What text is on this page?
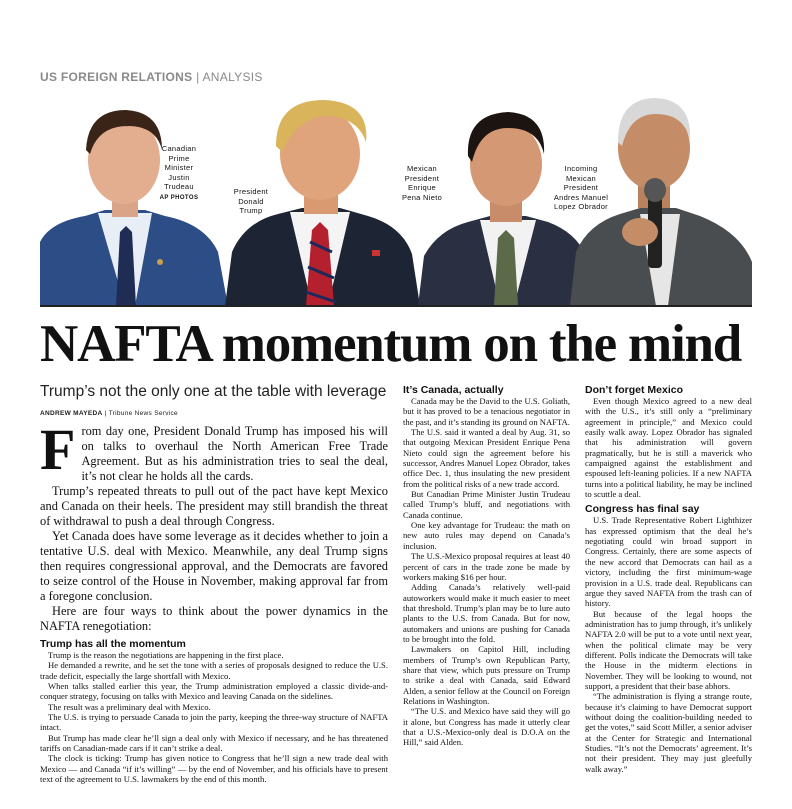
US FOREIGN RELATIONS | ANALYSIS
Canadian
Prime
Minister
Justin
Trudeau
AP PHOTOS
President
Donald
Trump
Mexican
President
Enrique
Pena Nieto
Incoming
Mexican
President
Andres Manuel
Lopez Obrador
NAFTA momentum on the mind
Trump’s not the only one at the table with leverage
ANDREW MAYEDA | Tribune News Service

From day one, President Donald Trump has imposed his will on talks to overhaul the North American Free Trade Agreement. But as his administration tries to seal the deal, it’s not clear he holds all the cards.

Trump’s repeated threats to pull out of the pact have kept Mexico and Canada on their heels. The president may still brandish the threat of withdrawal to push a deal through Congress.

Yet Canada does have some leverage as it decides whether to join a tentative U.S. deal with Mexico. Meanwhile, any deal Trump signs then requires congressional approval, and the Democrats are favored to seize control of the House in November, making approval far from a foregone conclusion.

Here are four ways to think about the power dynamics in the NAFTA renegotiation:

Trump has all the momentum

Trump is the reason the negotiations are happening in the first place.

He demanded a rewrite, and he set the tone with a series of proposals designed to reduce the U.S. trade deficit, especially the large shortfall with Mexico.

When talks stalled earlier this year, the Trump administration employed a classic divide-and-conquer strategy, focusing on talks with Mexico and leaving Canada on the sidelines.

The result was a preliminary deal with Mexico.

The U.S. is trying to persuade Canada to join the party, keeping the three-way structure of NAFTA intact.

But Trump has made clear he’ll sign a deal only with Mexico if necessary, and he has threatened tariffs on Canadian-made cars if it can’t strike a deal.

The clock is ticking: Trump has given notice to Congress that he’ll sign a new trade deal with Mexico — and Canada “if it’s willing” — by the end of November, and his officials have to present text of the agreement to U.S. lawmakers by the end of this month.

It’s Canada, actually

Canada may be the David to the U.S. Goliath, but it has proved to be a tenacious negotiator in the past, and it’s standing its ground on NAFTA.

The U.S. said it wanted a deal by Aug. 31, so that outgoing Mexican President Enrique Pena Nieto could sign the agreement before his successor, Andres Manuel Lopez Obrador, takes office Dec. 1, thus insulating the new president from the political risks of a new trade accord.

But Canadian Prime Minister Justin Trudeau called Trump’s bluff, and negotiations with Canada continue.

One key advantage for Trudeau: the math on new auto rules may depend on Canada’s inclusion.

The U.S.-Mexico proposal requires at least 40 percent of cars in the trade zone be made by workers making $16 per hour.

Adding Canada’s relatively well-paid autoworkers would make it much easier to meet that threshold. Trump’s plan may be to lure auto plants to the U.S. from Canada. But for now, automakers and unions are pushing for Canada to be brought into the fold.

Lawmakers on Capitol Hill, including members of Trump’s own Republican Party, share that view, which puts pressure on Trump to strike a deal with Canada, said Edward Alden, a senior fellow at the Council on Foreign Relations in Washington.

“The U.S. and Mexico have said they will go it alone, but Congress has made it utterly clear that a U.S.-Mexico-only deal is D.O.A on the Hill,” said Alden.

Don’t forget Mexico

Even though Mexico agreed to a new deal with the U.S., it’s still only a “preliminary agreement in principle,” and Mexico could easily walk away. Lopez Obrador has signaled that his administration will govern pragmatically, but he is still a maverick who campaigned against the establishment and espoused left-leaning policies. If a new NAFTA turns into a political liability, he may be inclined to scuttle a deal.

Congress has final say

U.S. Trade Representative Robert Lighthizer has expressed optimism that the deal he’s negotiating could win broad support in Congress. Certainly, there are some aspects of the new accord that Democrats can hail as a victory, including the first minimum-wage provision in a U.S. trade deal. Republicans can argue they saved NAFTA from the trash can of history.

But because of the legal hoops the administration has to jump through, it’s unlikely NAFTA 2.0 will be put to a vote until next year, when the political climate may be very different. Polls indicate the Democrats will take the House in the midterm elections in November. They will be looking to wound, not support, a president that their base abhors.

“The administration is flying a strange route, because it’s claiming to have Democrat support without doing the coalition-building needed to get the votes,” said Scott Miller, a senior adviser at the Center for Strategic and International Studies. “It’s not the Democrats’ agreement. It’s not their president. They may just gleefully walk away.”
